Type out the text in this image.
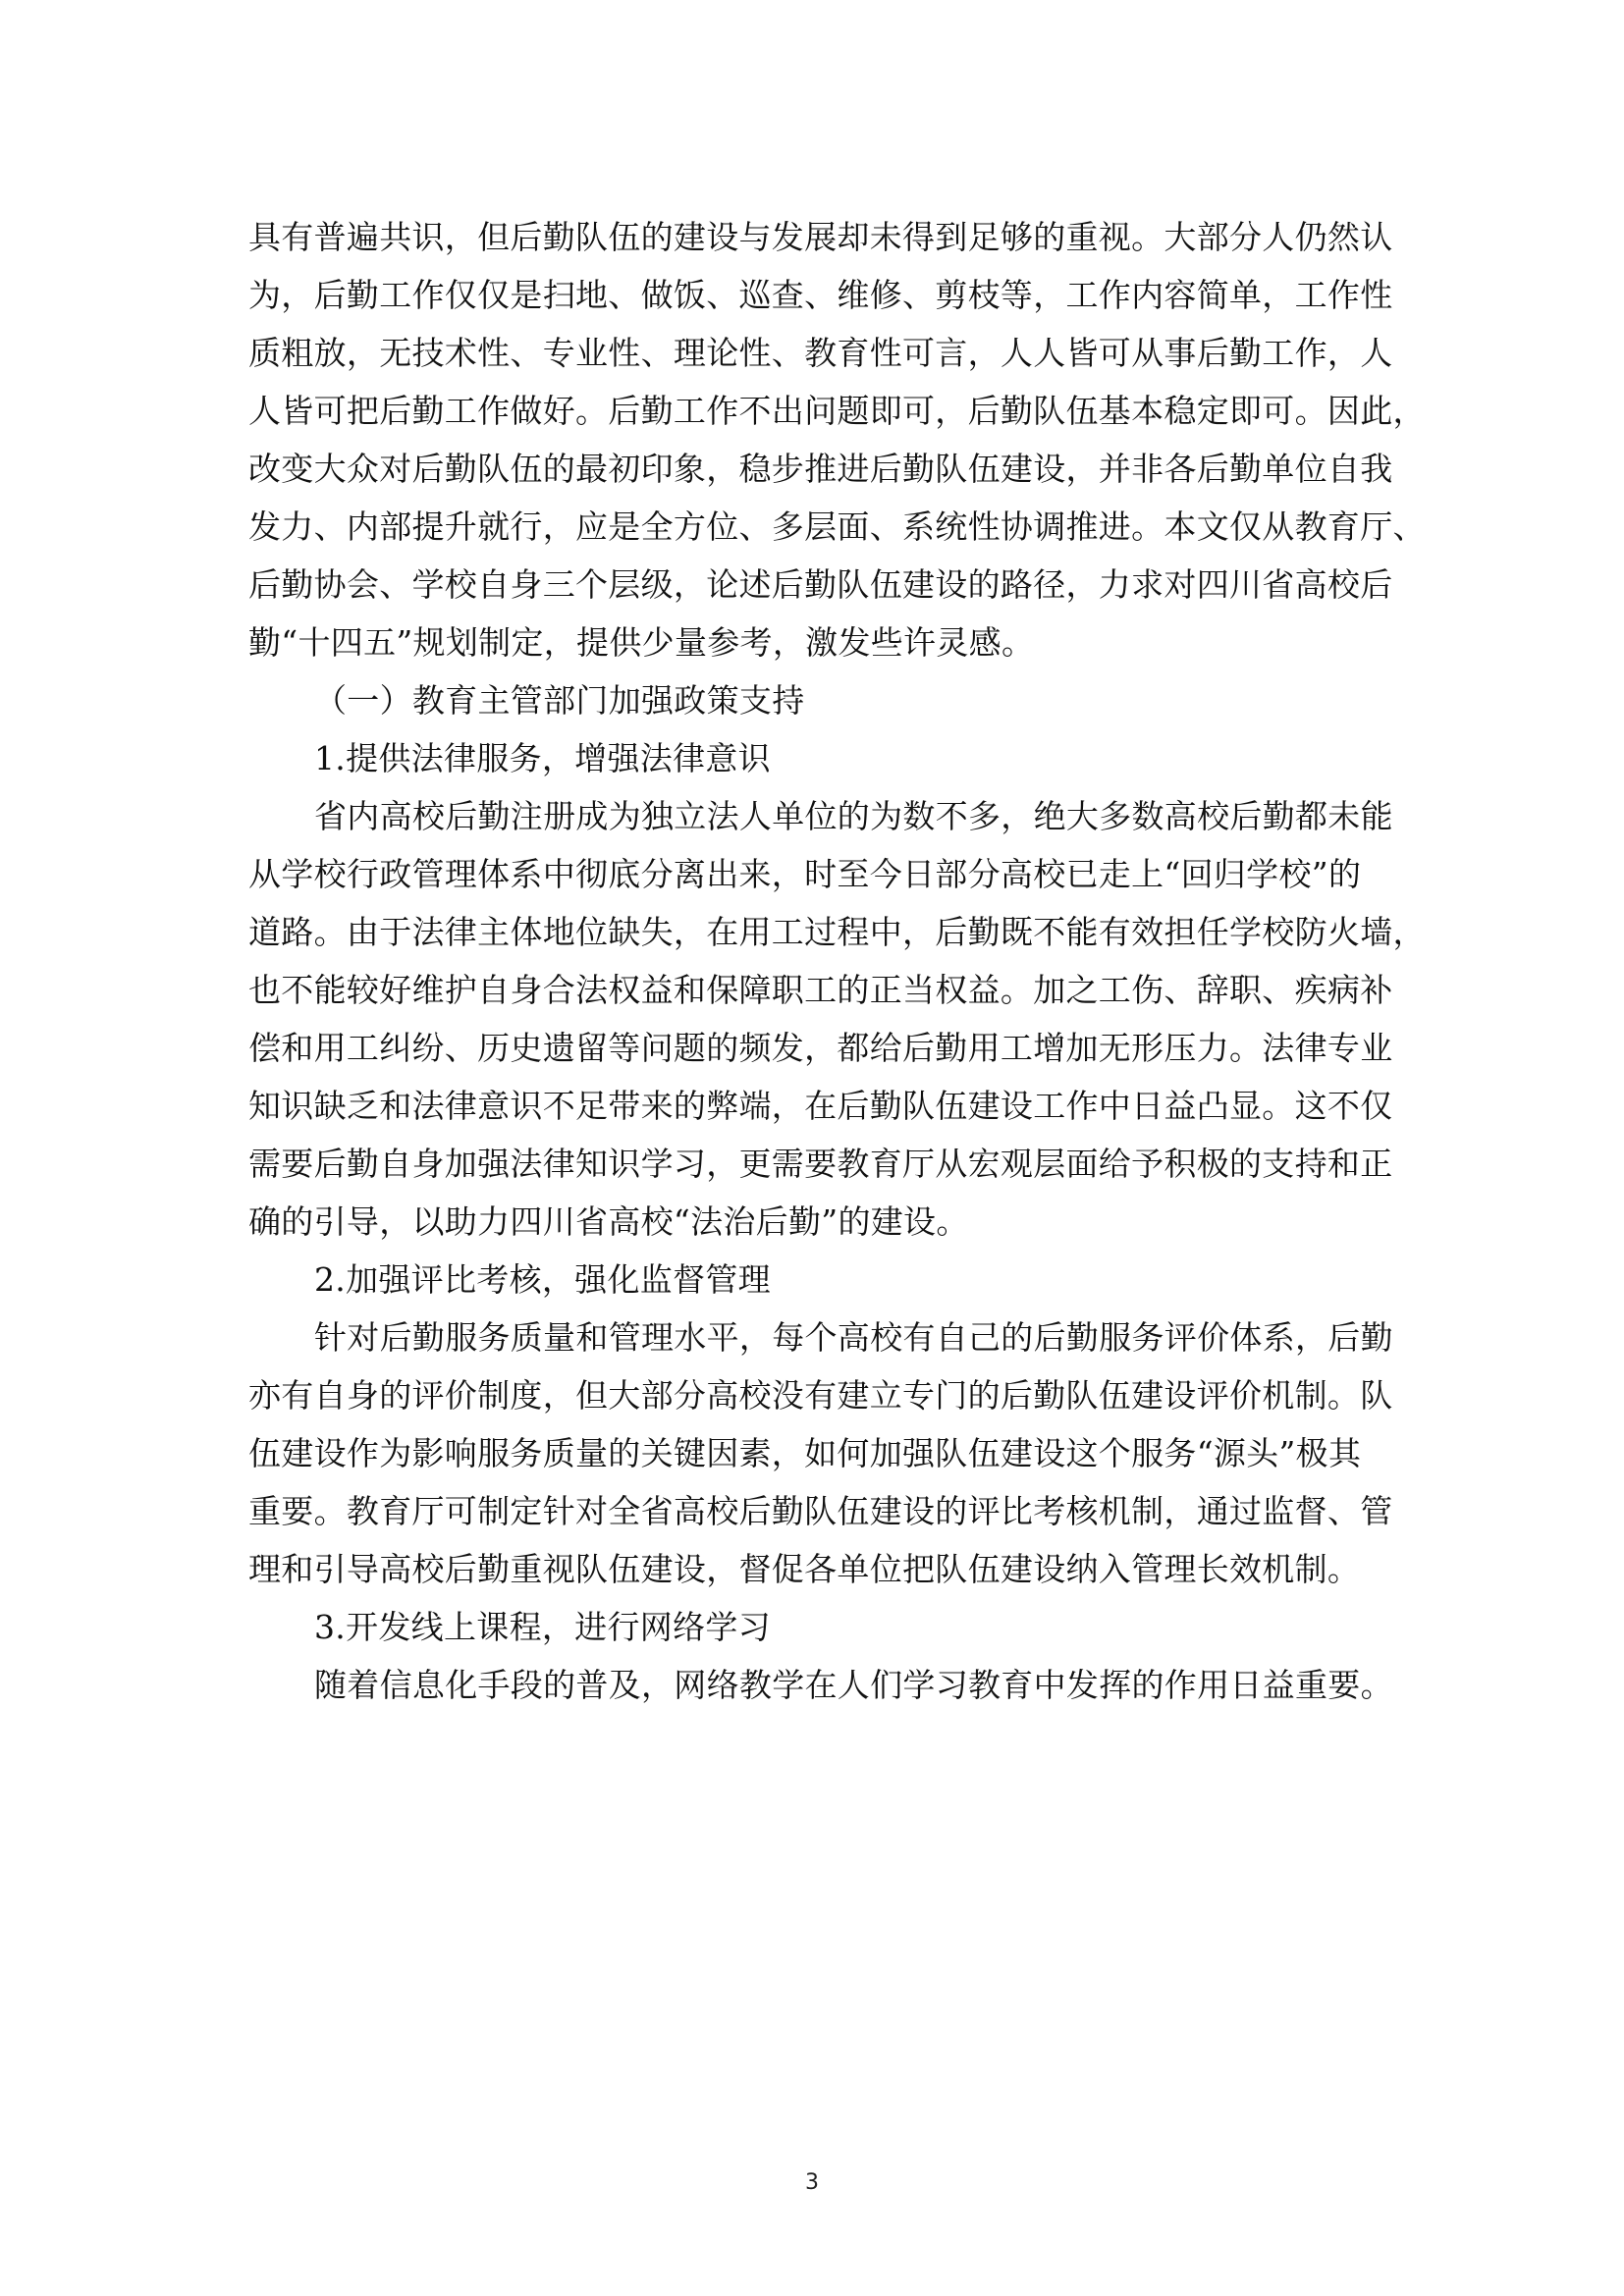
具有普遍共识，但后勤队伍的建设与发展却未得到足够的重视。大部分人仍然认
为，后勤工作仅仅是扫地、做饭、巡查、维修、剪枝等，工作内容简单，工作性
质粗放，无技术性、专业性、理论性、教育性可言，人人皆可从事后勤工作，人
人皆可把后勤工作做好。后勤工作不出问题即可，后勤队伍基本稳定即可。因此，
改变大众对后勤队伍的最初印象，稳步推进后勤队伍建设，并非各后勤单位自我
发力、内部提升就行，应是全方位、多层面、系统性协调推进。本文仅从教育厅、
后勤协会、学校自身三个层级，论述后勤队伍建设的路径，力求对四川省高校后
勤“十四五”规划制定，提供少量参考，激发些许灵感。
（一）教育主管部门加强政策支持
1.提供法律服务，增强法律意识
省内高校后勤注册成为独立法人单位的为数不多，绝大多数高校后勤都未能
从学校行政管理体系中彻底分离出来，时至今日部分高校已走上“回归学校”的
道路。由于法律主体地位缺失，在用工过程中，后勤既不能有效担任学校防火墙，
也不能较好维护自身合法权益和保障职工的正当权益。加之工伤、辞职、疾病补
偿和用工纠纷、历史遗留等问题的频发，都给后勤用工增加无形压力。法律专业
知识缺乏和法律意识不足带来的弊端，在后勤队伍建设工作中日益凸显。这不仅
需要后勤自身加强法律知识学习，更需要教育厅从宏观层面给予积极的支持和正
确的引导，以助力四川省高校“法治后勤”的建设。
2.加强评比考核，强化监督管理
针对后勤服务质量和管理水平，每个高校有自己的后勤服务评价体系，后勤
亦有自身的评价制度，但大部分高校没有建立专门的后勤队伍建设评价机制。队
伍建设作为影响服务质量的关键因素，如何加强队伍建设这个服务“源头”极其
重要。教育厅可制定针对全省高校后勤队伍建设的评比考核机制，通过监督、管
理和引导高校后勤重视队伍建设，督促各单位把队伍建设纳入管理长效机制。
3.开发线上课程，进行网络学习
随着信息化手段的普及，网络教学在人们学习教育中发挥的作用日益重要。
3
